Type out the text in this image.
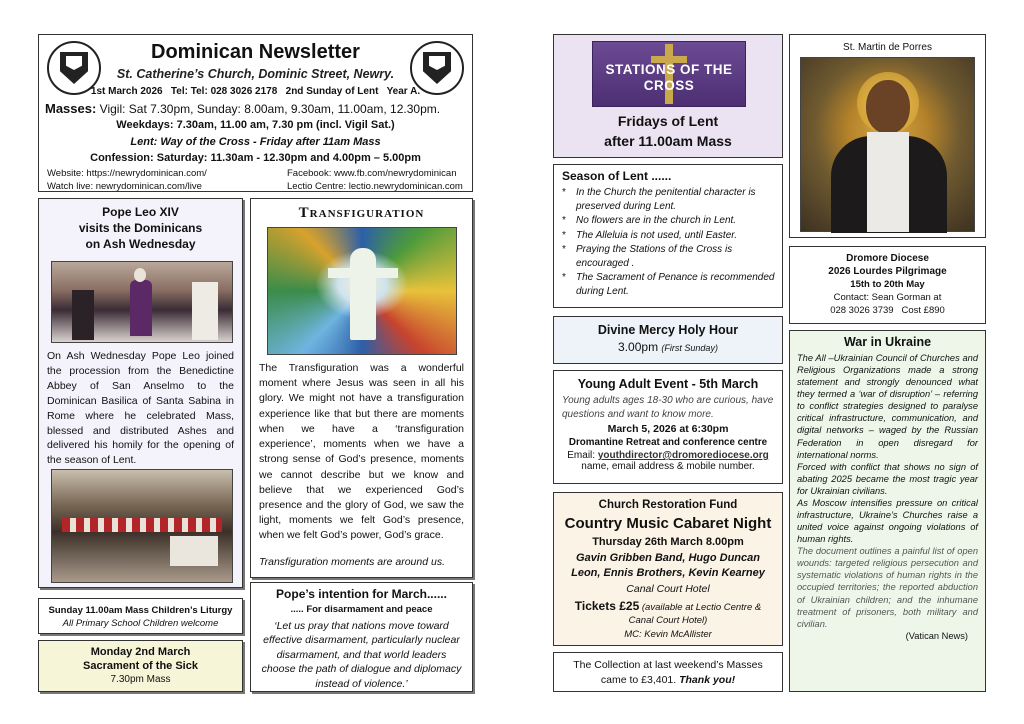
Dominican Newsletter
St. Catherine’s Church, Dominic Street, Newry.
1st March 2026   Tel: Tel: 028 3026 2178   2nd Sunday of Lent   Year A.
Masses: Vigil: Sat 7.30pm, Sunday: 8.00am, 9.30am, 11.00am, 12.30pm.
Weekdays: 7.30am, 11.00 am, 7.30 pm (incl. Vigil Sat.)
Lent: Way of the Cross - Friday after 11am Mass
Confession: Saturday: 11.30am - 12.30pm and 4.00pm – 5.00pm
Website: https://newrydominican.com/	Facebook: www.fb.com/newrydominican
Watch live: newrydominican.com/live	Lectio Centre: lectio.newrydominican.com
Pope Leo XIV
visits the Dominicans
on Ash Wednesday

On Ash Wednesday Pope Leo joined the procession from the Benedictine Abbey of San Anselmo to the Dominican Basilica of Santa Sabina in Rome where he celebrated Mass, blessed and distributed Ashes and delivered his homily for the opening of the season of Lent.

Transfiguration

The Transfiguration was a wonderful moment where Jesus was seen in all his glory. We might not have a transfiguration experience like that but there are moments when we have a ‘transfiguration experience’, moments when we have a strong sense of God’s presence, moments we cannot describe but we know and believe that we experienced God’s presence and the glory of God, we saw the light, moments we felt God’s presence, when we felt God’s power, God’s grace.

Transfiguration moments are around us.

Sunday 11.00am Mass Children’s Liturgy
All Primary School Children welcome
Monday 2nd March
Sacrament of the Sick
7.30pm Mass
Pope’s intention for March......
..... For disarmament and peace

‘Let us pray that nations move toward effective disarmament, particularly nuclear disarmament, and that world leaders choose the path of dialogue and diplomacy instead of violence.’

STATIONS OF THE CROSS
Fridays of Lent
after 11.00am Mass
Season of Lent ......
*	In the Church the penitential character is preserved during Lent.
*	No flowers are in the church in Lent.
*	The Alleluia is not used, until Easter.
*	Praying the Stations of the Cross is encouraged .
*	The Sacrament of Penance is recommended during Lent.
Divine Mercy Holy Hour
3.00pm (First Sunday)
Young Adult Event - 5th March

Young adults ages 18-30 who are curious, have questions and want to know more.

March 5, 2026 at 6:30pm
Dromantine Retreat and conference centre
Email: youthdirector@dromorediocese.org
name, email address & mobile number.
Church Restoration Fund
Country Music Cabaret Night
Thursday 26th March 8.00pm
Gavin Gribben Band, Hugo Duncan Leon, Ennis Brothers, Kevin Kearney
Canal Court Hotel
Tickets £25 (available at Lectio Centre & Canal Court Hotel)
MC: Kevin McAllister

The Collection at last weekend’s Masses came to £3,401. Thank you!

St. Martin de Porres
Dromore Diocese
2026 Lourdes Pilgrimage
15th to 20th May
Contact: Sean Gorman at
028 3026 3739   Cost £890
War in Ukraine

The All –Ukrainian Council of Churches and Religious Organizations made a strong statement and strongly denounced what they termed a ‘war of disruption’ – referring to conflict strategies designed to paralyse critical infrastructure, communication, and digital networks – waged by the Russian Federation in open disregard for international norms.

Forced with conflict that shows no sign of abating 2025 became the most tragic year for Ukrainian civilians.

As Moscow intensifies pressure on critical infrastructure, Ukraine’s Churches raise a united voice against ongoing violations of human rights.

The document outlines a painful list of open wounds: targeted religious persecution and systematic violations of human rights in the occupied territories; the reported abduction of Ukrainian children; and the inhumane treatment of prisoners, both military and civilian.

(Vatican News)
